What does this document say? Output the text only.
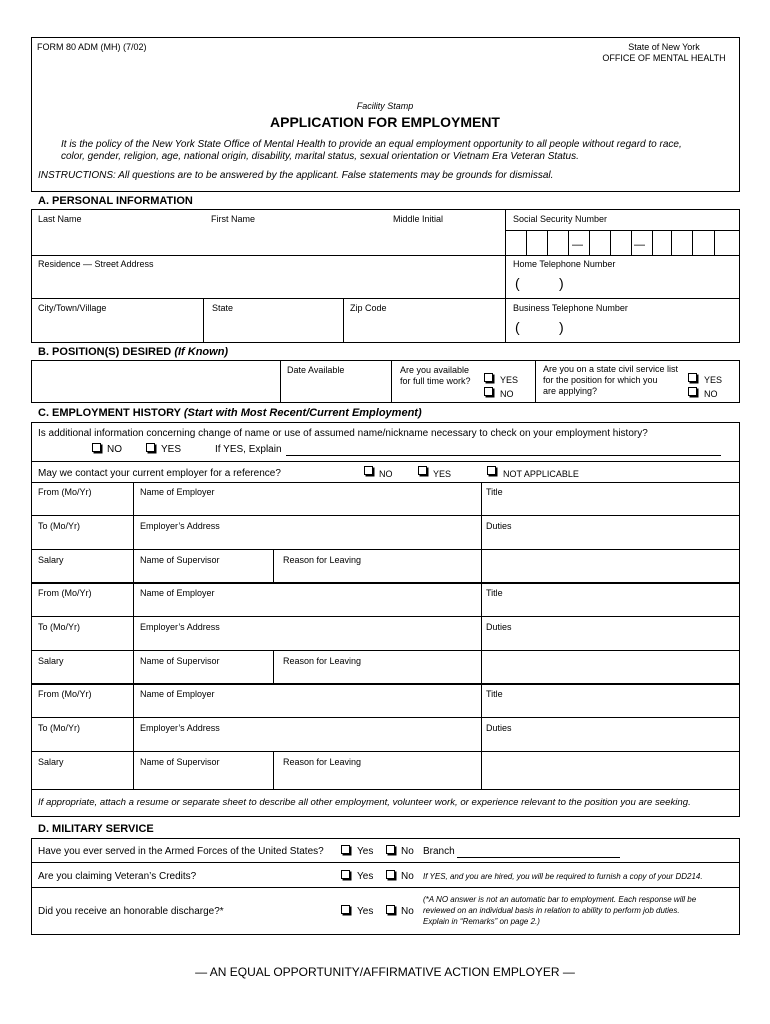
FORM 80 ADM (MH) (7/02)	State of New York
OFFICE OF MENTAL HEALTH
Facility Stamp
APPLICATION FOR EMPLOYMENT
It is the policy of the New York State Office of Mental Health to provide an equal employment opportunity to all people without regard to race,
color, gender, religion, age, national origin, disability, marital status, sexual orientation or Vietnam Era Veteran Status.
INSTRUCTIONS: All questions are to be answered by the applicant. False statements may be grounds for dismissal.
A. PERSONAL INFORMATION
Last Name	First Name	Middle Initial	Social Security Number
—	—
Residence — Street Address	Home Telephone Number
(	)
City/Town/Village	State	Zip Code	Business Telephone Number
(	)
B. POSITION(S) DESIRED (If Known)
Date Available	Are you available
for full time work?	YES
NO
Are you on a state civil service list
for the position for which you
are applying?
YES
NO
C. EMPLOYMENT HISTORY (Start with Most Recent/Current Employment)
Is additional information concerning change of name or use of assumed name/nickname necessary to check on your employment history?
NO	YES	If YES, Explain
May we contact your current employer for a reference?	NO	YES	NOT APPLICABLE
From (Mo/Yr)	Name of Employer	Title
To (Mo/Yr)	Employer’s Address	Duties
Salary	Name of Supervisor	Reason for Leaving
From (Mo/Yr)	Name of Employer	Title
To (Mo/Yr)	Employer’s Address	Duties
Salary	Name of Supervisor	Reason for Leaving
From (Mo/Yr)	Name of Employer	Title
To (Mo/Yr)	Employer’s Address	Duties
Salary	Name of Supervisor	Reason for Leaving
If appropriate, attach a resume or separate sheet to describe all other employment, volunteer work, or experience relevant to the position you are seeking.
D. MILITARY SERVICE
Have you ever served in the Armed Forces of the United States?	Yes	No Branch
Are you claiming Veteran’s Credits?	Yes	No If YES, and you are hired, you will be required to furnish a copy of your DD214.
Did you receive an honorable discharge?*	Yes	No
(*A NO answer is not an automatic bar to employment. Each response will be
reviewed on an individual basis in relation to ability to perform job duties.
Explain in “Remarks” on page 2.)
— AN EQUAL OPPORTUNITY/AFFIRMATIVE ACTION EMPLOYER —
